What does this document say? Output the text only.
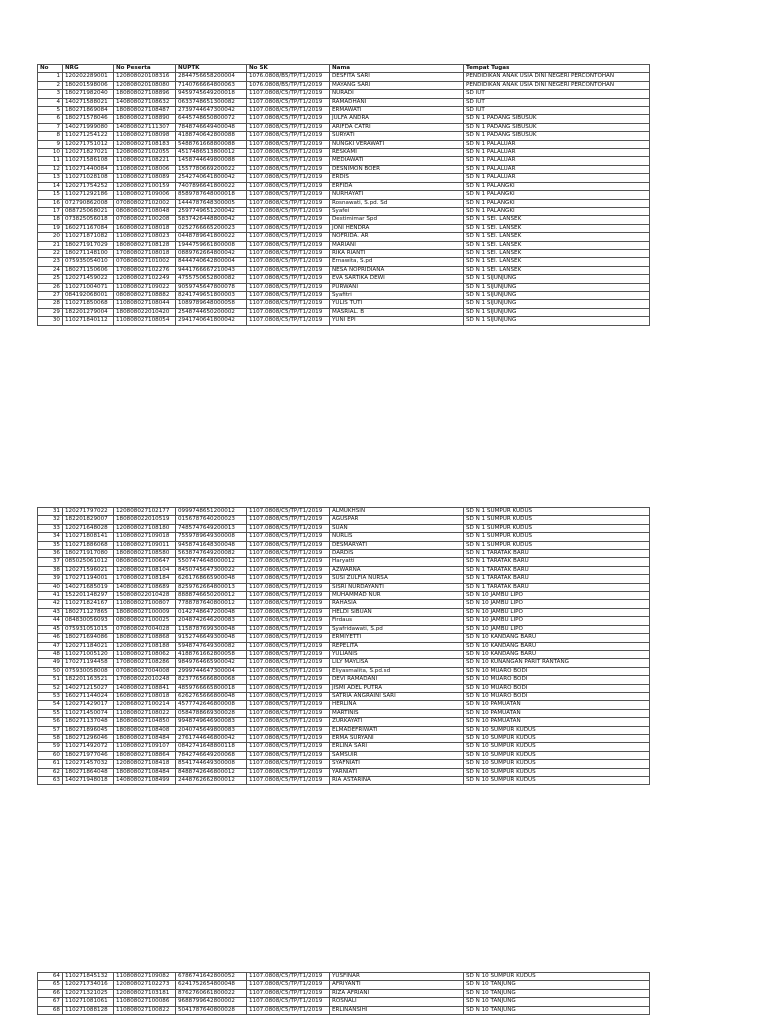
No	NRG	No Peserta	NUPTK	No SK	Nama	Tempat Tugas
1	120202289001	120808020108316	2844756658200004	1076.0808/B5/TP/T1/2019	DESFITA SARI	PENDIDIKAN ANAK USIA DINI NEGERI PERCONTOHAN
2	180201598006	120808020108080	7140766664800063	1076.0808/B5/TP/T1/2019	MAYANG SARI	PENDIDIKAN ANAK USIA DINI NEGERI PERCONTOHAN
3	180271982040	180808027108896	9459745649200018	1107.0808/C5/TP/T1/2019	NURADI	SD IUT
4	140271588021	140808027108632	0633748651300082	1107.0808/C5/TP/T1/2019	RAMADHANI	SD IUT
5	180271869084	180808027108487	2739744647300042	1107.0808/C5/TP/T1/2019	ERMAWATI	SD IUT
6	180271578046	180808027108890	6445748650800072	1107.0808/C5/TP/T1/2019	JULFA ANDRA	SD N 1 PADANG SIBUSUK
7	140271999080	140808027111307	7848746649400048	1107.0808/C5/TP/T1/2019	ARIFDA CATRI	SD N 1 PADANG SIBUSUK
8	110271254122	110808027108098	4188740642800088	1107.0808/C5/TP/T1/2019	SURYATI	SD N 1 PADANG SIBUSUK
9	120271751012	120808027108183	5488761668800088	1107.0808/C5/TP/T1/2019	NUNGKI VERAWATI	SD N 1 PALALUAR
10	120271827021	120808027102055	4517486513800012	1107.0808/C5/TP/T1/2019	RESKAMI	SD N 1 PALALUAR
11	110271586108	110808027108221	1458744649800088	1107.0808/C5/TP/T1/2019	MEDIAWATI	SD N 1 PALALUAR
12	110271440084	110808027108006	1557780669200022	1107.0808/C5/TP/T1/2019	DESNIMON BOER	SD N 1 PALALUAR
13	110271028108	110808027108089	2542740641800042	1107.0808/C5/TP/T1/2019	ERDIS	SD N 1 PALALUAR
14	120271754252	120808027100159	7407896641800022	1107.0808/C5/TP/T1/2019	ERFIDA	SD N 1 PALANGKI
15	110271292186	110808027109006	8589787648000018	1107.0808/C5/TP/T1/2019	NURHAYATI	SD N 1 PALANGKI
16	072790862008	070808027102002	1444787648300005	1107.0808/C5/TP/T1/2019	Rosnawati, S.pd. Sd	SD N 1 PALANGKI
17	088725068021	080808027108048	2597749651200042	1107.0808/C5/TP/T1/2019	Syafei	SD N 1 PALANGKI
18	073825056018	070808027100208	5837426448800042	1107.0808/C5/TP/T1/2019	Destimimar Spd	SD N 1 SEI. LANSEK
19	160271167084	160808027108018	0252766665200023	1107.0808/C5/TP/T1/2019	JONI HENDRA	SD N 1 SEI. LANSEK
20	110271871082	110808027108023	0448789641800022	1107.0808/C5/TP/T1/2019	NOFRIDA. AR	SD N 1 SEI. LANSEK
21	180271917029	180808027108128	1944759661800008	1107.0808/C5/TP/T1/2019	MARIANI	SD N 1 SEI. LANSEK
22	180271148100	170808027108018	0889762664800042	1107.0808/C5/TP/T1/2019	RIKA RIANTI	SD N 1 SEI. LANSEK
23	075935054010	070808027101002	8444740642800004	1107.0808/C5/TP/T1/2019	Ernawita, S.pd	SD N 1 SEI. LANSEK
24	180271150606	170808027102276	9441766667210043	1107.0808/C5/TP/T1/2019	NESA NOPRIDIANA	SD N 1 SEI. LANSEK
25	120271459022	120808027102249	4755750652800082	1107.0808/C5/TP/T1/2019	EVA SARTIKA DEWI	SD N 1 SIJUNJUNG
26	110271004071	110808027109022	9059745647800078	1107.0808/C5/TP/T1/2019	PURWANI	SD N 1 SIJUNJUNG
27	084192068001	080808027108882	8241749651800003	1107.0808/C5/TP/T1/2019	Syafitri	SD N 1 SIJUNJUNG
28	110271850068	110808027108044	1089789648000058	1107.0808/C5/TP/T1/2019	YULIS TUTI	SD N 1 SIJUNJUNG
29	182201279004	180808022010420	2548744650200002	1107.0808/C5/TP/T1/2019	MASRIAL. B	SD N 1 SIJUNJUNG
30	110271840112	110808027108054	2941740641800042	1107.0808/C5/TP/T1/2019	YUNI EPI	SD N 1 SIJUNJUNG
31	120271797022	120808027102177	0999748651200012	1107.0808/C5/TP/T1/2019	ALMUKHSIN	SD N 1 SUMPUR KUDUS
32	182201829007	180808022010519	0156787640200023	1107.0808/C5/TP/T1/2019	AGUSPAR	SD N 1 SUMPUR KUDUS
33	120271648028	120808027108180	7485747649200013	1107.0808/C5/TP/T1/2019	SUAN	SD N 1 SUMPUR KUDUS
34	110271808141	110808027109018	7559789649300008	1107.0808/C5/TP/T1/2019	NURLIS	SD N 1 SUMPUR KUDUS
35	110271886068	110808027109011	9458741648300048	1107.0808/C5/TP/T1/2019	DESMARYATI	SD N 1 SUMPUR KUDUS
36	180271917080	180808027108580	5638747649200082	1107.0808/C5/TP/T1/2019	DARDIS	SD N 1 TARATAK BARU
37	085025061012	080808027100647	5507474648000012	1107.0808/C5/TP/T1/2019	Haryatti	SD N 1 TARATAK BARU
38	120271596021	120808027108104	8450745647300022	1107.0808/C5/TP/T1/2019	AZWARNA	SD N 1 TARATAK BARU
39	170271194001	170808027108184	6261768665900048	1107.0808/C5/TP/T1/2019	SUSI ZULFIA NURSA	SD N 1 TARATAK BARU
40	140271685019	140808027108689	8259762664800013	1107.0808/C5/TP/T1/2019	SISRI NURDAYANTI	SD N 1 TARATAK BARU
41	152201148297	150808022010428	8888746650200012	1107.0808/C5/TP/T1/2019	MUHAMMAD NUR	SD N 10 JAMBU LIPO
42	110271824167	110808027100807	7788787640800012	1107.0808/C5/TP/T1/2019	RAHASIA	SD N 10 JAMBU LIPO
43	180271127865	180808027100009	0142748647200048	1107.0808/C5/TP/T1/2019	HELDI SIBUAN	SD N 10 JAMBU LIPO
44	084830056093	080808027100025	2048742646200083	1107.0808/C5/TP/T1/2019	Firdaus	SD N 10 JAMBU LIPO
45	075931051015	070808027004028	1158787699300048	1107.0808/C5/TP/T1/2019	Syafridawati, S.pd	SD N 10 JAMBU LIPO
46	180271694086	180808027108868	9152746649300048	1107.0808/C5/TP/T1/2019	ERMIYETTI	SD N 10 KANDANG BARU
47	120271184021	120808027108188	5948747649300082	1107.0808/C5/TP/T1/2019	REPELITA	SD N 10 KANDANG BARU
48	110271005120	110808027108062	4188761662800058	1107.0808/C5/TP/T1/2019	YULIANIS	SD N 10 KANDANG BARU
49	170271194458	170808027108286	9849764665900042	1107.0808/C5/TP/T1/2019	LILY MAYLISA	SD N 10 KUNANGAN PARIT RANTANG
50	075930058008	070808027004008	2999744647300004	1107.0808/C5/TP/T1/2019	Eliyasmalita, S.pd.sd	SD N 10 MUARO BODI
51	182201163521	170808022010248	8237765666800068	1107.0808/C5/TP/T1/2019	DEVI RAMADANI	SD N 10 MUARO BODI
52	140271215027	140808027108841	4859766665800018	1107.0808/C5/TP/T1/2019	JISMI ADEL PUTRA	SD N 10 MUARO BODI
53	160271144024	160808027108018	6262765666800048	1107.0808/C5/TP/T1/2019	SATRIA ANGRAINI SARI	SD N 10 MUARO BODI
54	120271429017	120868027100214	4577742646800008	1107.0808/C5/TP/T1/2019	HERLINA	SD N 10 PAMUATAN
55	110271450074	110808027108022	0584788669300028	1107.0808/C5/TP/T1/2019	MARTINIS	SD N 10 PAMUATAN
56	180271137048	180808027104850	9948749646900083	1107.0808/C5/TP/T1/2019	ZURKAYATI	SD N 10 PAMUATAN
57	180271896045	180808027108408	2040745649800083	1107.0808/C5/TP/T1/2019	ELMADEFRIWATI	SD N 10 SUMPUR KUDUS
58	180271296046	180808027108484	2761744646800042	1107.0808/C5/TP/T1/2019	ERMA SURYANI	SD N 10 SUMPUR KUDUS
59	110271492072	110808027109107	0842741648800118	1107.0808/C5/TP/T1/2019	ERLINA SARI	SD N 10 SUMPUR KUDUS
60	180271977046	180808027108864	7842746649200068	1107.0808/C5/TP/T1/2019	SAMSUIR	SD N 10 SUMPUR KUDUS
61	120271457032	120808027108418	8541744649300008	1107.0808/C5/TP/T1/2019	SYAFNIATI	SD N 10 SUMPUR KUDUS
62	180271864048	180808027108484	8488742646800012	1107.0808/C5/TP/T1/2019	YARNIATI	SD N 10 SUMPUR KUDUS
63	140271948018	140808027108499	2448762662800012	1107.0808/C5/TP/T1/2019	RIA ASTARINA	SD N 10 SUMPUR KUDUS
64	110271845132	110808027109082	6786741642800052	1107.0808/C5/TP/T1/2019	YUSFINAR	SD N 10 SUMPUR KUDUS
65	120271734016	120808027102273	6241752654800048	1107.0808/C5/TP/T1/2019	AFRIYANTI	SD N 10 TANJUNG
66	120271321025	120808027103181	8762760661800022	1107.0808/C5/TP/T1/2019	RIZA AFRIANI	SD N 10 TANJUNG
67	110271081061	110808027100086	9688799642800002	1107.0808/C5/TP/T1/2019	ROSNALI	SD N 10 TANJUNG
68	110271088128	110808027100822	5041787640800028	1107.0808/C5/TP/T1/2019	ERLINANSIHI	SD N 10 TANJUNG
